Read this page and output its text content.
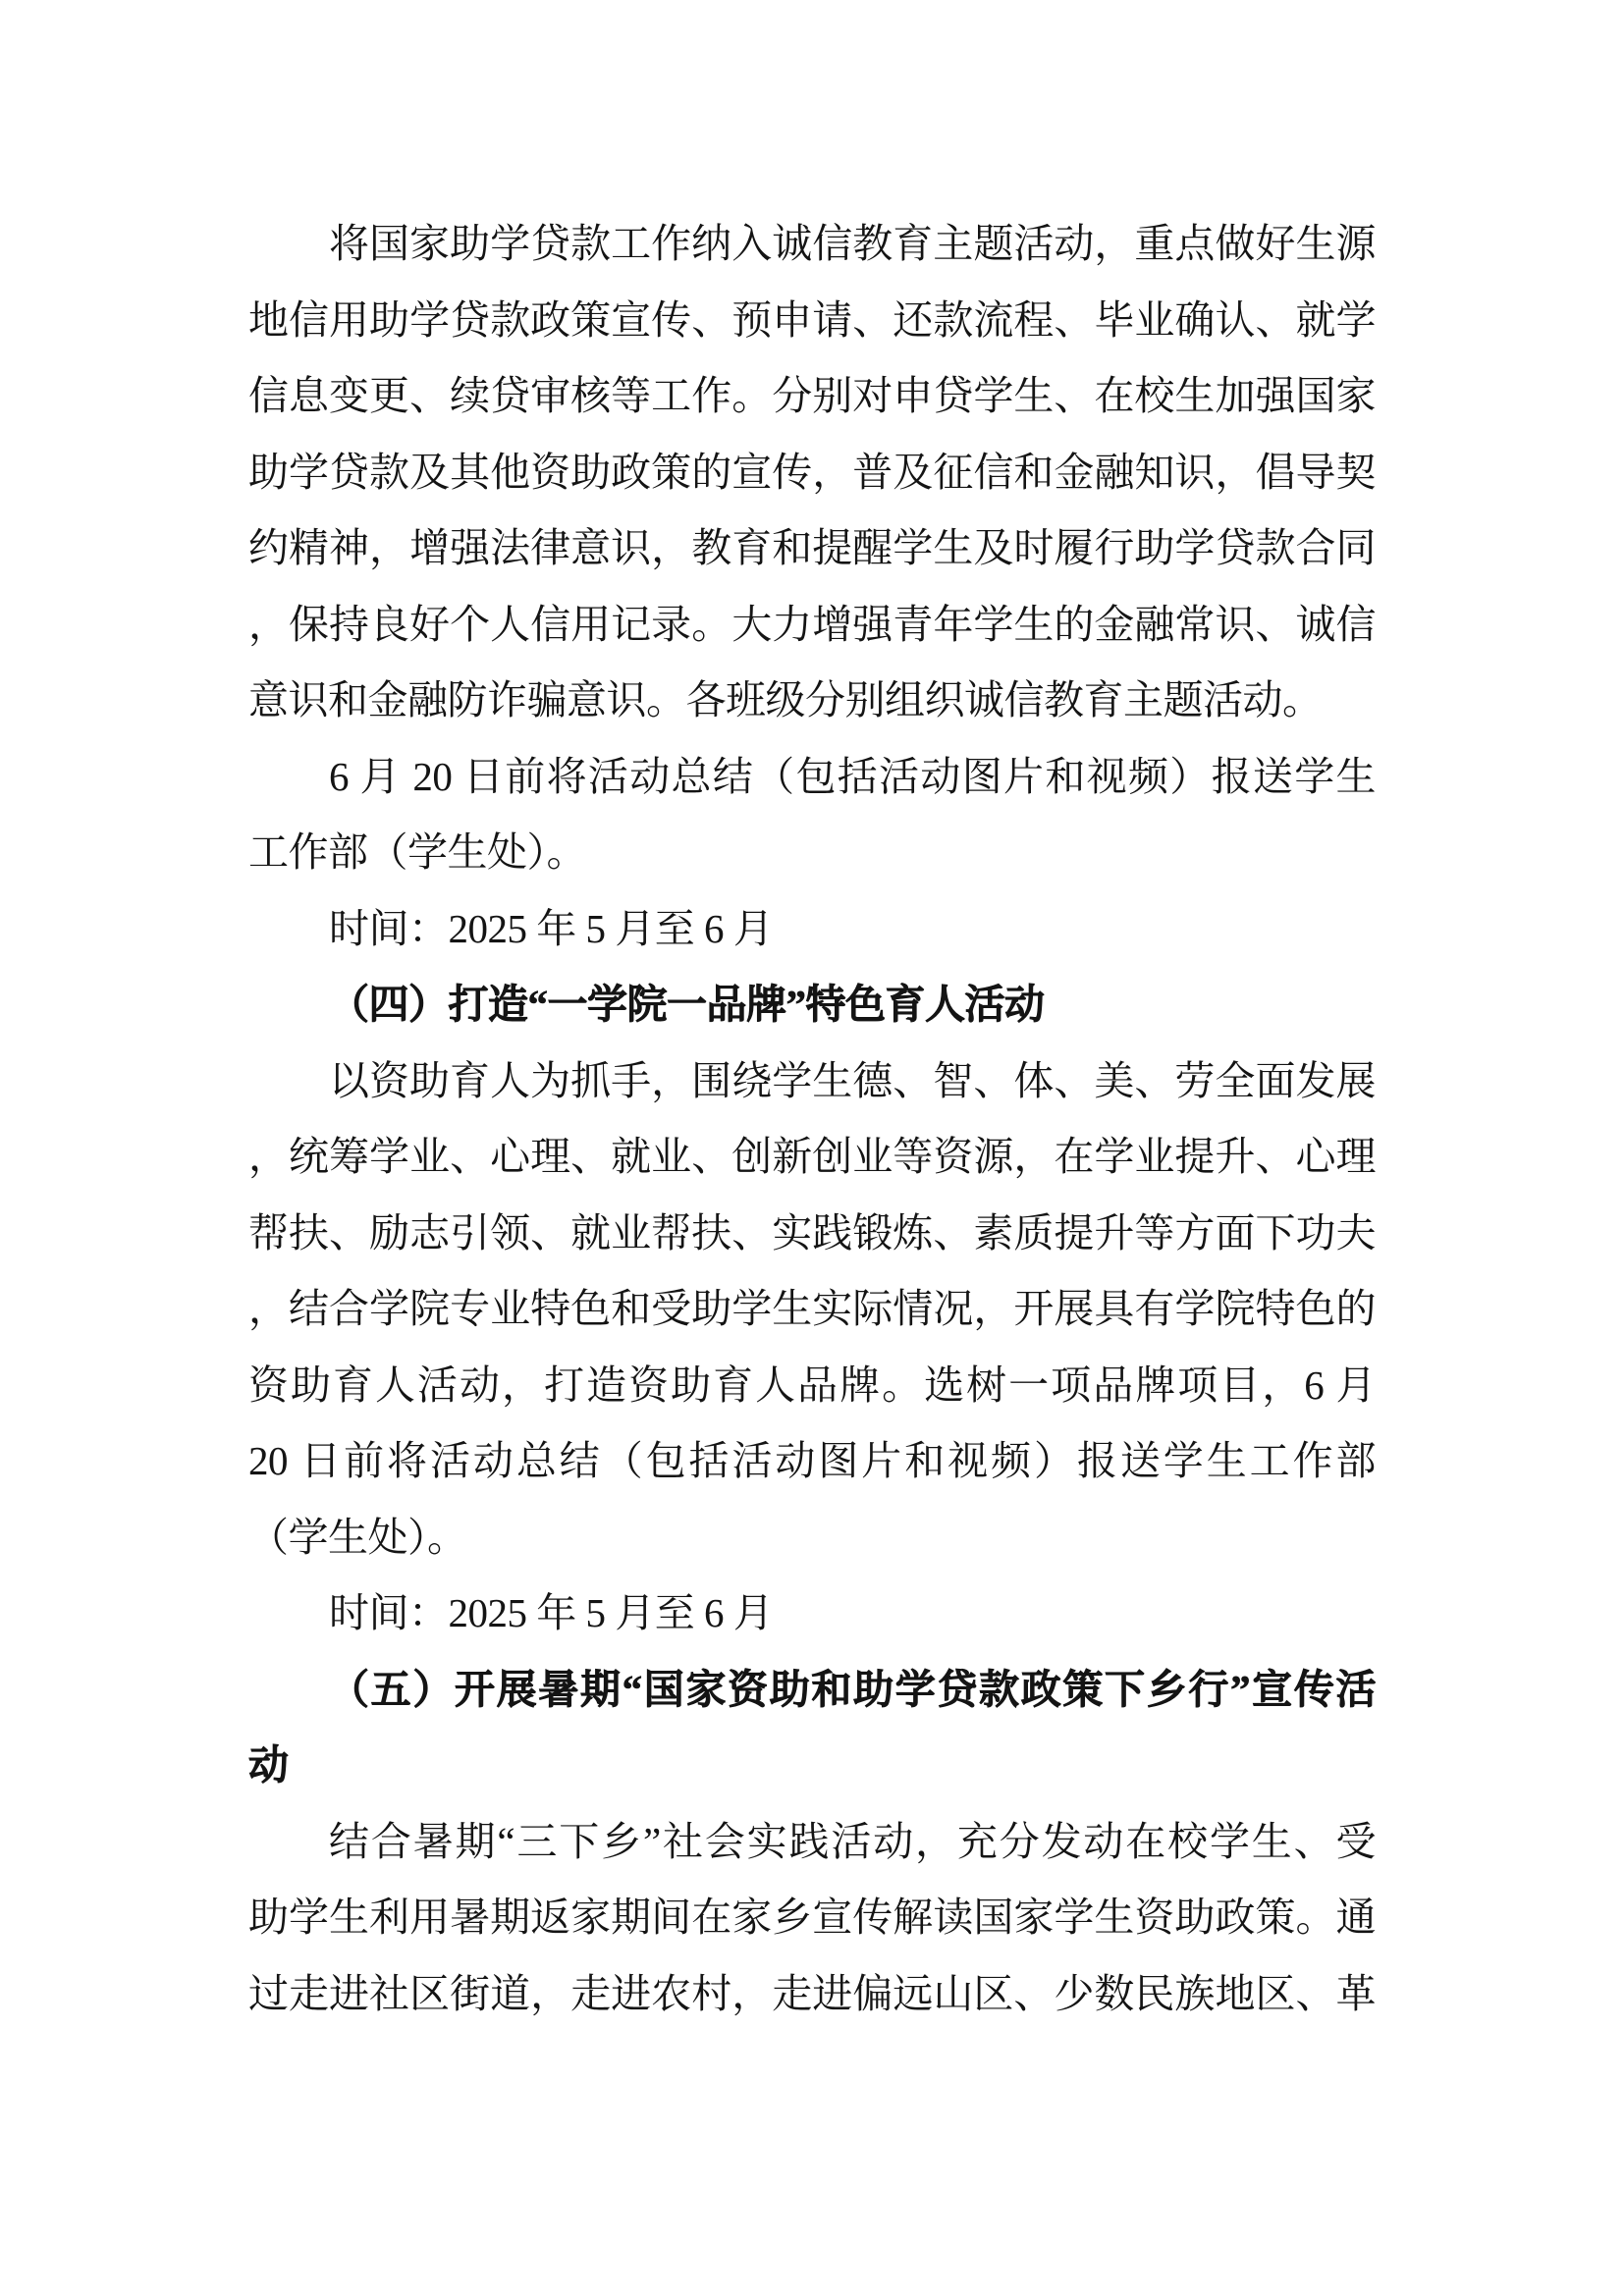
将国家助学贷款工作纳入诚信教育主题活动，重点做好生源
地信用助学贷款政策宣传、预申请、还款流程、毕业确认、就学
信息变更、续贷审核等工作。分别对申贷学生、在校生加强国家
助学贷款及其他资助政策的宣传，普及征信和金融知识，倡导契
约精神，增强法律意识，教育和提醒学生及时履行助学贷款合同
，保持良好个人信用记录。大力增强青年学生的金融常识、诚信
意识和金融防诈骗意识。各班级分别组织诚信教育主题活动。
6 月 20 日前将活动总结（包括活动图片和视频）报送学生
工作部（学生处）。
时间：2025 年 5 月至 6 月
（四）打造“一学院一品牌”特色育人活动
以资助育人为抓手，围绕学生德、智、体、美、劳全面发展
，统筹学业、心理、就业、创新创业等资源，在学业提升、心理
帮扶、励志引领、就业帮扶、实践锻炼、素质提升等方面下功夫
，结合学院专业特色和受助学生实际情况，开展具有学院特色的
资助育人活动，打造资助育人品牌。选树一项品牌项目，6 月
20 日前将活动总结（包括活动图片和视频）报送学生工作部
（学生处）。
时间：2025 年 5 月至 6 月
（五）开展暑期“国家资助和助学贷款政策下乡行”宣传活
动
结合暑期“三下乡”社会实践活动，充分发动在校学生、受
助学生利用暑期返家期间在家乡宣传解读国家学生资助政策。通
过走进社区街道，走进农村，走进偏远山区、少数民族地区、革
